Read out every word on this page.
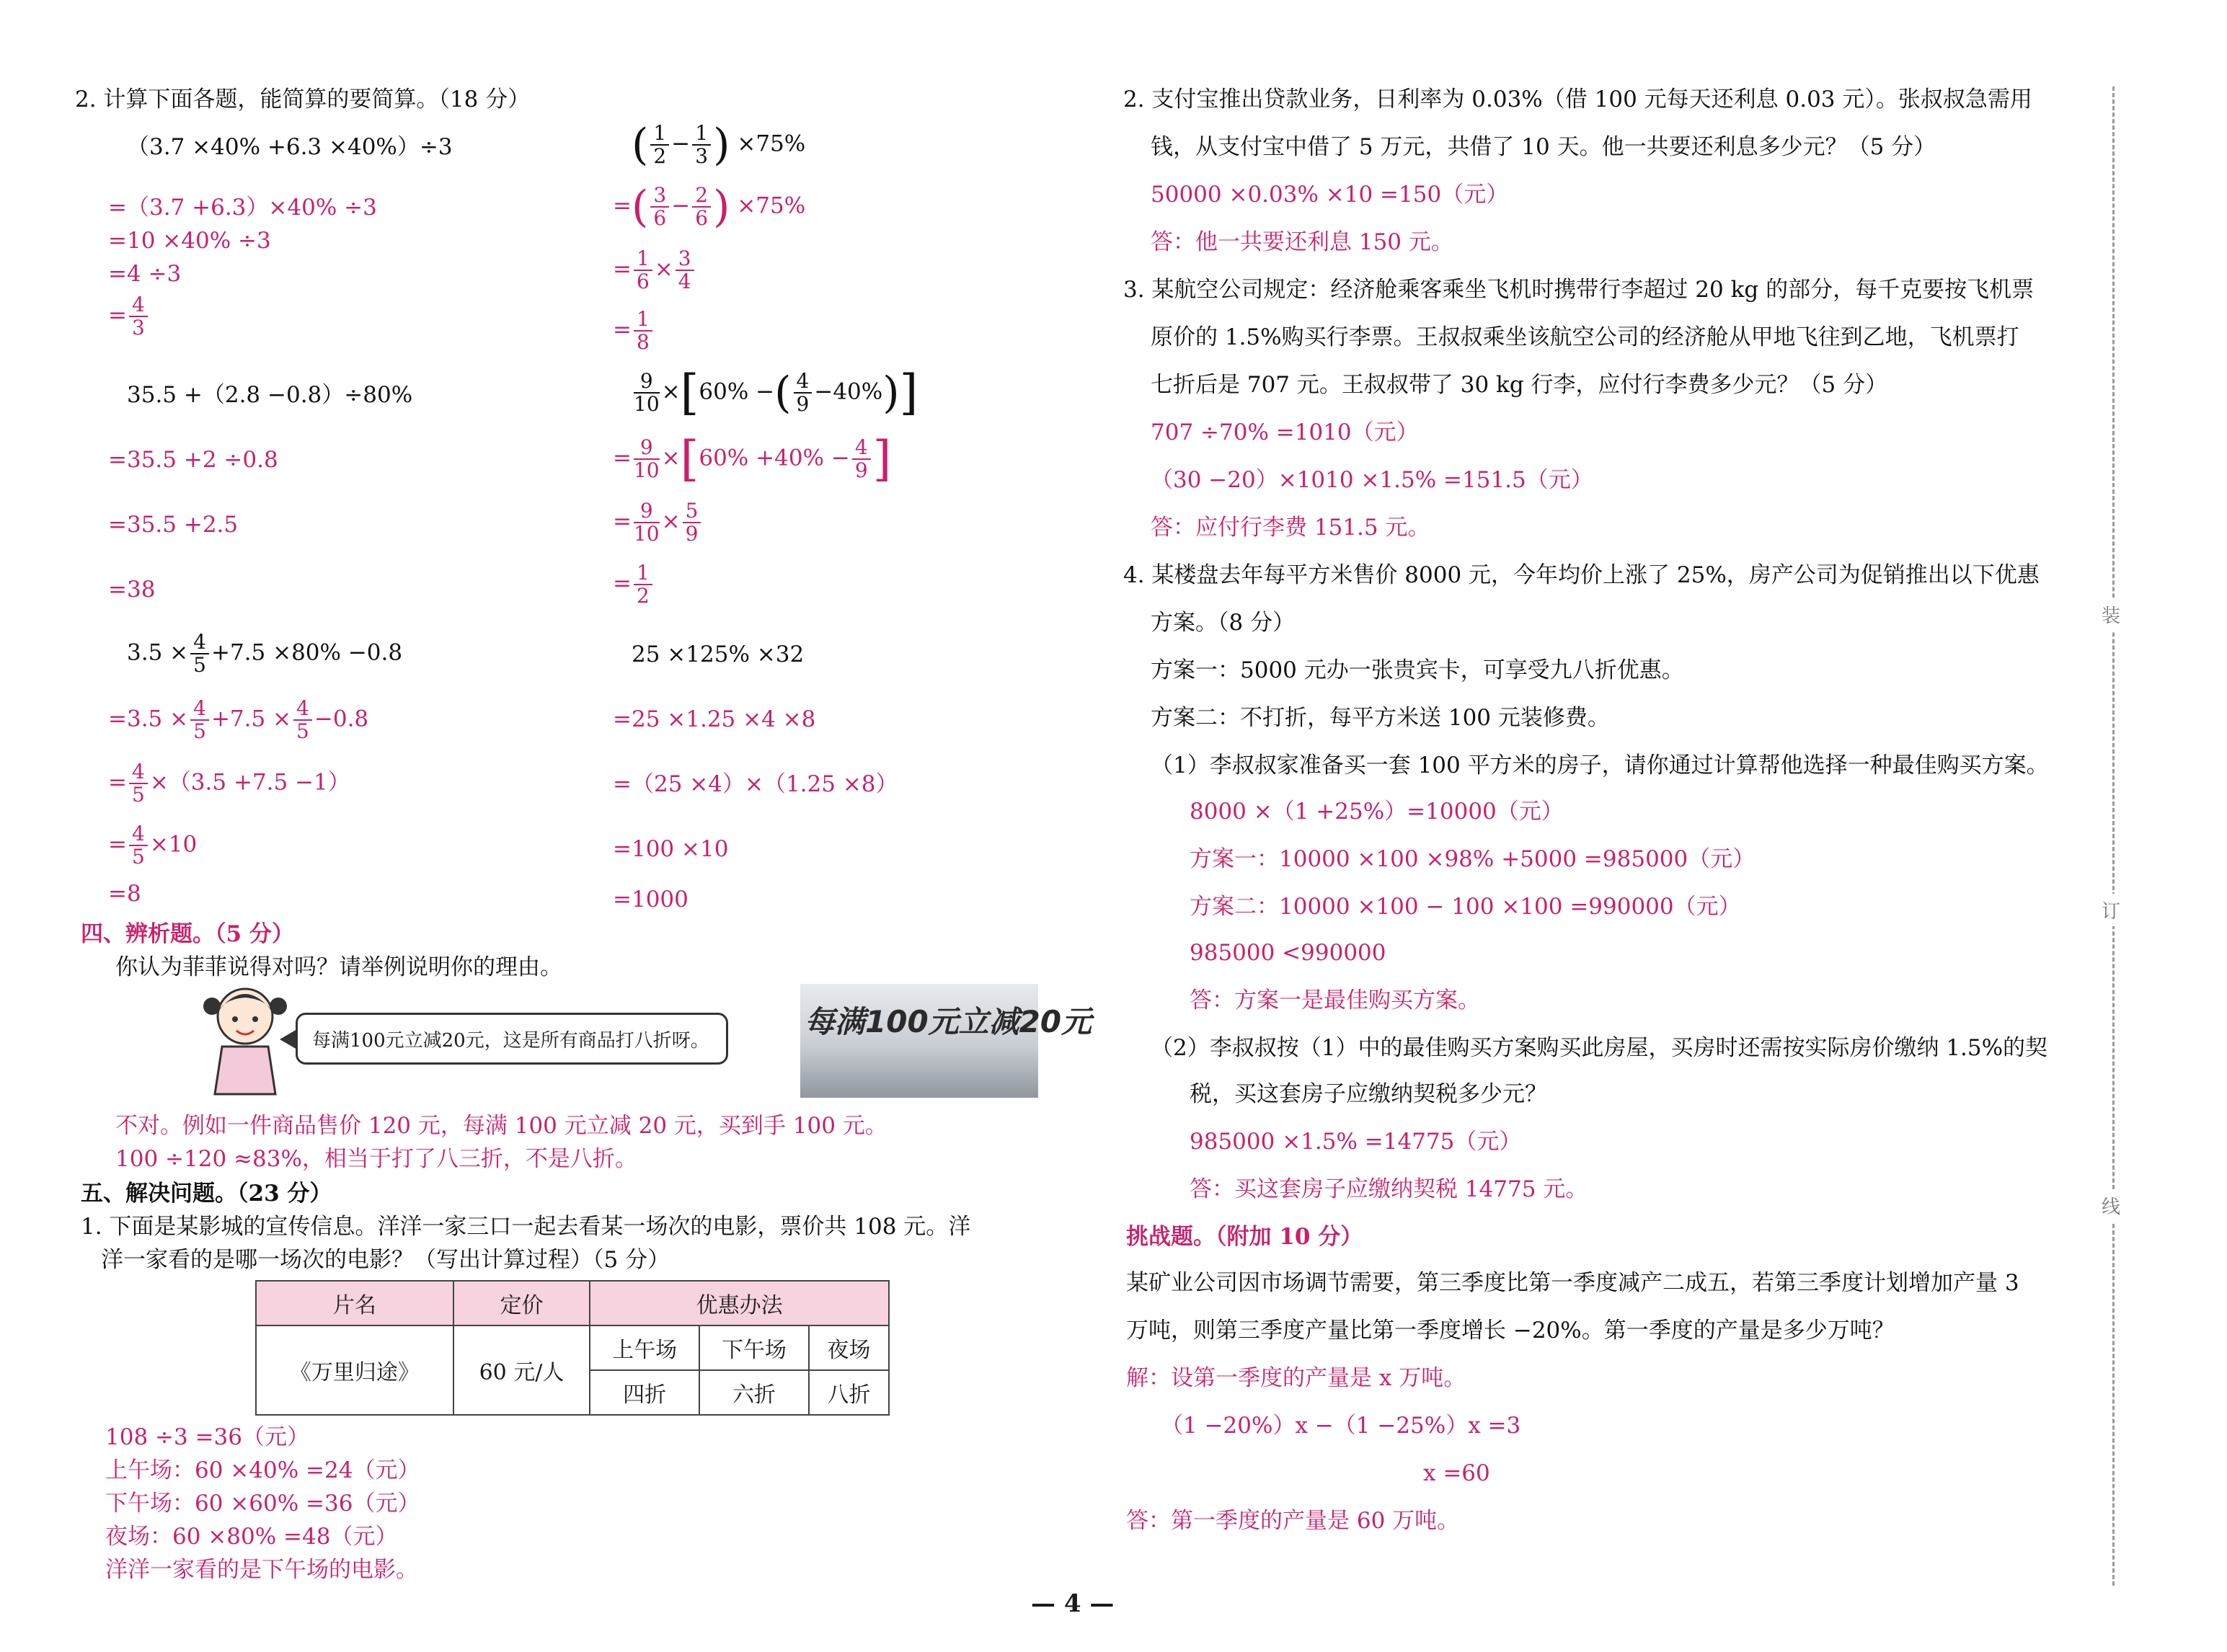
2. 计算下面各题，能简算的要简算。（18 分）
（3.7 ×40% +6.3 ×40%）÷3
=（3.7 +6.3）×40% ÷3
=10 ×40% ÷3
=4 ÷3
= $\frac{4}{3}$
( $\frac{1}{2} - \frac{1}{3}$ ) ×75%
=( $\frac{3}{6} - \frac{2}{6}$ ) ×75%
= $\frac{1}{6} \times \frac{3}{4}$
= $\frac{1}{8}$
35.5 +（2.8 −0.8）÷80%
=35.5 +2 ÷0.8
=35.5 +2.5
=38
$\frac{9}{10} \times[60\%$ −( $\frac{4}{9} -40\%$)]
= $\frac{9}{10} \times[60\% +40\% - \frac{4}{9}$ ]
= $\frac{9}{10} \times \frac{5}{9}$
= $\frac{1}{2}$
$3.5 \times \frac{4}{5} +7.5 \times 80\% -0.8$
$=3.5 \times \frac{4}{5} +7.5 \times \frac{4}{5} -0.8$
= $\frac{4}{5} \times(3.5 +7.5 -1)$
= $\frac{4}{5} \times 10$
=8
25 ×125% ×32
=25 ×1.25 ×4 ×8
=（25 ×4）×（1.25 ×8）
=100 ×10
=1000
四、辨析题。（5 分）
你认为菲菲说得对吗？请举例说明你的理由。
每满100元立减20元，这是所有商品打八折呀。
每满100元立减20元
不对。例如一件商品售价 120 元，每满 100 元立减 20 元，买到手 100 元。
100 ÷120 ≈83%，相当于打了八三折，不是八折。
五、解决问题。（23 分）
1. 下面是某影城的宣传信息。洋洋一家三口一起去看某一场次的电影，票价共 108 元。洋
洋一家看的是哪一场次的电影？（写出计算过程）（5 分）
片名	定价	优惠办法		
《万里归途》	60 元/人	上午场	下午场	夜场
		四折	六折	八折
108 ÷3 =36（元）
上午场：60 ×40% =24（元）
下午场：60 ×60% =36（元）
夜场：60 ×80% =48（元）
洋洋一家看的是下午场的电影。
2. 支付宝推出贷款业务，日利率为 0.03%（借 100 元每天还利息 0.03 元）。张叔叔急需用
钱，从支付宝中借了 5 万元，共借了 10 天。他一共要还利息多少元？（5 分）
50000 ×0.03% ×10 =150（元）
答：他一共要还利息 150 元。
3. 某航空公司规定：经济舱乘客乘坐飞机时携带行李超过 20 kg 的部分，每千克要按飞机票
原价的 1.5%购买行李票。王叔叔乘坐该航空公司的经济舱从甲地飞往到乙地，飞机票打
七折后是 707 元。王叔叔带了 30 kg 行李，应付行李费多少元？（5 分）
707 ÷70% =1010（元）
（30 −20）×1010 ×1.5% =151.5（元）
答：应付行李费 151.5 元。
4. 某楼盘去年每平方米售价 8000 元，今年均价上涨了 25%，房产公司为促销推出以下优惠
方案。（8 分）
方案一：5000 元办一张贵宾卡，可享受九八折优惠。
方案二：不打折，每平方米送 100 元装修费。
（1）李叔叔家准备买一套 100 平方米的房子，请你通过计算帮他选择一种最佳购买方案。
8000 ×（1 +25%）=10000（元）
方案一：10000 ×100 ×98% +5000 =985000（元）
方案二：10000 ×100 − 100 ×100 =990000（元）
985000 <990000
答：方案一是最佳购买方案。
（2）李叔叔按（1）中的最佳购买方案购买此房屋，买房时还需按实际房价缴纳 1.5%的契
税，买这套房子应缴纳契税多少元？
985000 ×1.5% =14775（元）
答：买这套房子应缴纳契税 14775 元。
挑战题。（附加 10 分）
某矿业公司因市场调节需要，第三季度比第一季度减产二成五，若第三季度计划增加产量 3
万吨，则第三季度产量比第一季度增长 −20%。第一季度的产量是多少万吨？
解：设第一季度的产量是 x 万吨。
（1 −20%）x −（1 −25%）x =3
x =60
答：第一季度的产量是 60 万吨。
装
订
线
— 4 —
